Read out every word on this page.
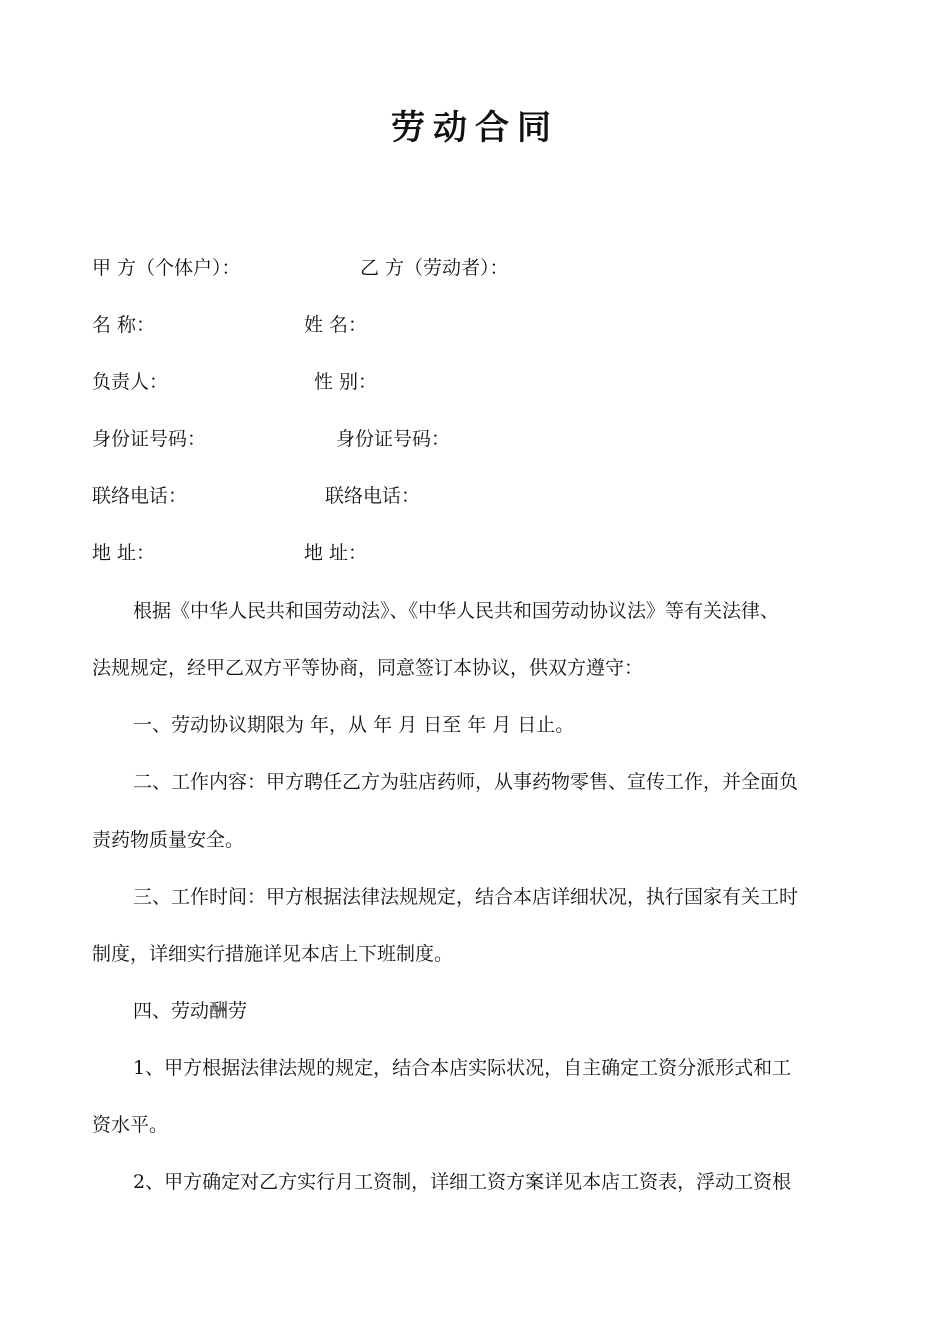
劳动合同
甲 方（个体户）：	乙 方（劳动者）：
名 称：	姓 名：
负责人：	性 别：
身份证号码：	身份证号码：
联络电话：	联络电话：
地 址：	地 址：
根据《中华人民共和国劳动法》、《中华人民共和国劳动协议法》等有关法律、
法规规定，经甲乙双方平等协商，同意签订本协议，供双方遵守：
一、劳动协议期限为 年，从 年 月 日至 年 月 日止。
二、工作内容：甲方聘任乙方为驻店药师，从事药物零售、宣传工作，并全面负
责药物质量安全。
三、工作时间：甲方根据法律法规规定，结合本店详细状况，执行国家有关工时
制度，详细实行措施详见本店上下班制度。
四、劳动酬劳
1、甲方根据法律法规的规定，结合本店实际状况，自主确定工资分派形式和工
资水平。
2、甲方确定对乙方实行月工资制，详细工资方案详见本店工资表，浮动工资根
